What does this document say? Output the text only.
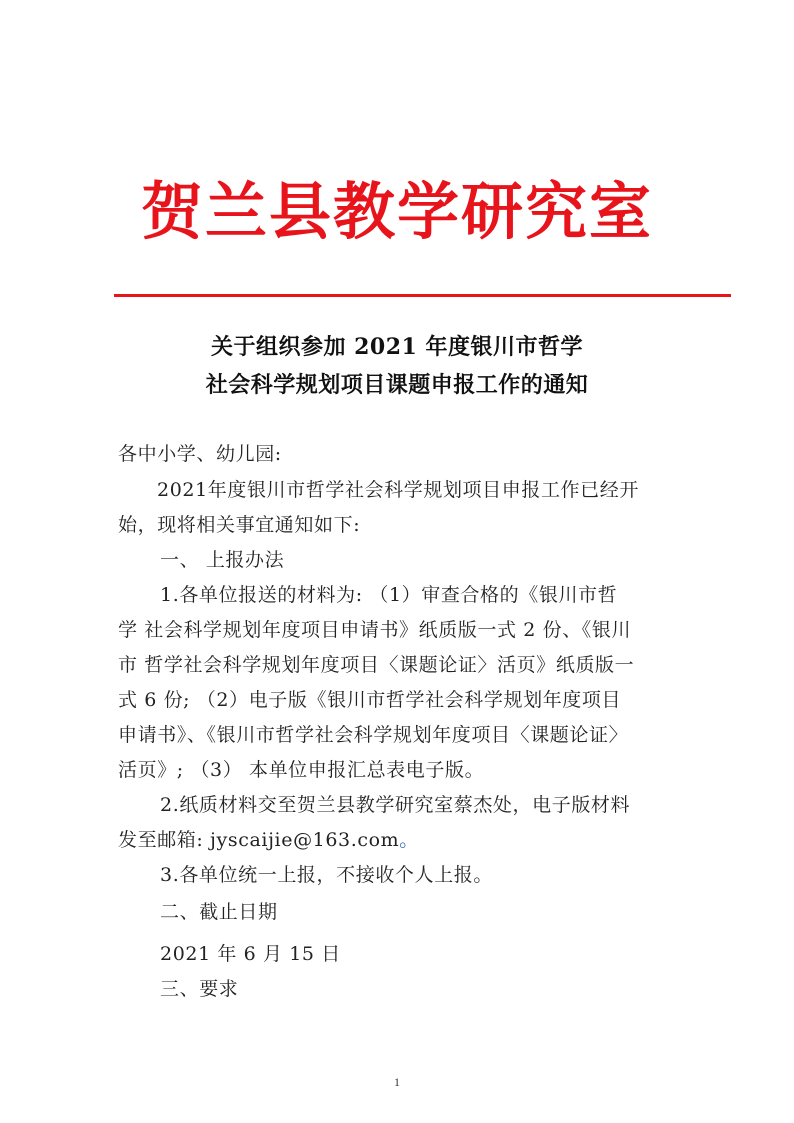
贺兰县教学研究室
关于组织参加 2021 年度银川市哲学
社会科学规划项目课题申报工作的通知
各中小学、幼儿园:
2021年度银川市哲学社会科学规划项目申报工作已经开
始，现将相关事宜通知如下:
一、 上报办法
1.各单位报送的材料为: （1）审查合格的《银川市哲
学 社会科学规划年度项目申请书》纸质版一式 2 份、《银川
市 哲学社会科学规划年度项目〈课题论证〉活页》纸质版一
式 6 份; （2）电子版《银川市哲学社会科学规划年度项目
申请书》、《银川市哲学社会科学规划年度项目〈课题论证〉
活页》; （3） 本单位申报汇总表电子版。
2.纸质材料交至贺兰县教学研究室蔡杰处，电子版材料
发至邮箱: jyscaijie@163.com。
3.各单位统一上报，不接收个人上报。
二、截止日期
2021 年 6 月 15 日
三、要求
1
